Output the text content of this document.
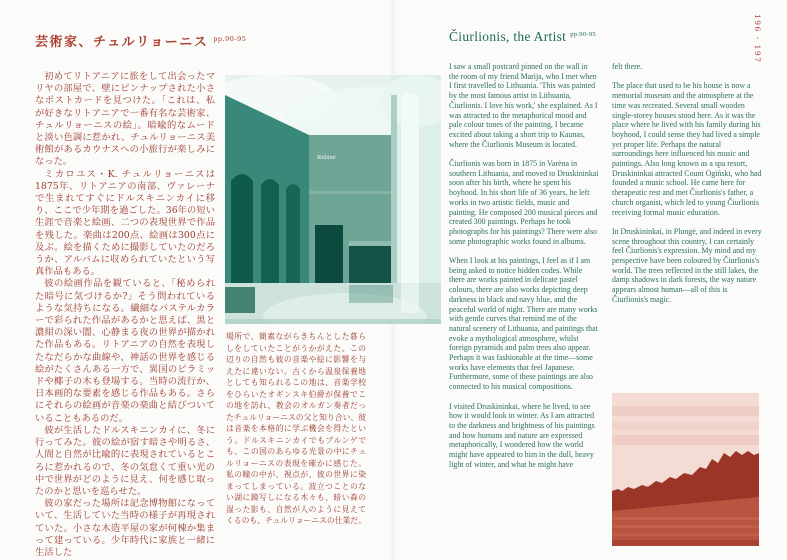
芸術家、チュルリョーニス $^{pp.90-95}$

初めてリトアニアに旅をして出会ったマリヤの部屋で、壁にピンナップされた小さなポストカードを見つけた。「これは、私が好きなリトアニアで一番有名な芸術家、チュルリョーニスの絵」。暗喩的なムードと淡い色調に惹かれ、チュルリョーニス美術館があるカウナスへの小旅行が楽しみになった。

ミカロユス・K. チュルリョーニスは1875年、リトアニアの南部、ヴァレーナで生まれてすぐにドルスキニンカイに移り、ここで少年期を過ごした。36年の短い生涯で音楽と絵画、二つの表現世界で作品を残した。楽曲は200点、絵画は300点に及ぶ。絵を描くために撮影していたのだろうか、アルバムに収められていたという写真作品もある。

彼の絵画作品を観ていると、「秘められた暗号に気づけるか?」そう問われているような気持ちになる。繊細なパステルカラーで彩られた作品があるかと思えば、黒と濃紺の深い闇、心静まる夜の世界が描かれた作品もある。リトアニアの自然を表現したなだらかな曲線や、神話の世界を感じる絵がたくさんある一方で、異国のピラミッドや椰子の木も登場する。当時の流行か、日本画的な要素を感じる作品もある。さらにそれらの絵画が音楽の楽曲と結びついていることもあるのだ。

彼が生活したドルスキニンカイに、冬に行ってみた。彼の絵が宿す暗さや明るさ、人間と自然が比喩的に表現されているところに惹かれるので、冬の気怠くて重い光の中で世界がどのように見え、何を感じ取ったのかと思いを巡らせた。

彼の家だった場所は記念博物館になっていて、生活していた当時の様子が再現されていた。小さな木造平屋の家が何棟か集まって建っている。少年時代に家族と一緒に生活した

Rūbinė

場所で、簡素ながらきちんとした暮らしをしていたことがうかがえた。この辺りの自然も彼の音楽や絵に影響を与えたに違いない。古くから温泉保養地としても知られるこの地は、音楽学校をひらいたオギンスキ伯爵が保養でこの地を訪れ、教会のオルガン奏者だったチュルリョーニスの父と知り合い、彼は音楽を本格的に学ぶ機会を得たという。ドルスキニンカイでもプルンゲでも、この国のあらゆる光景の中にチュルリョーニスの表現を確かに感じた。私の瞳の中が、視点が、彼の世界に染まってしまっている。波立つことのない湖に鏡写しになる木々も、暗い森の湿った影も、自然が人のように見えてくるのも、チュルリョーニスの仕業だ。

Čiurlionis, the Artist $^{pp.90-95}$

I saw a small postcard pinned on the wall in the room of my friend Marija, who I met when I first travelled to Lithuania. 'This was painted by the most famous artist in Lithuania, Čiurlionis. I love his work,' she explained. As I was attracted to the metaphorical mood and pale colour tones of the painting, I became excited about taking a short trip to Kaunas, where the Čiurlionis Museum is located.

Čiurlionis was born in 1875 in Varėna in southern Lithuania, and moved to Druskininkai soon after his birth, where he spent his boyhood. In his short life of 36 years, he left works in two artistic fields, music and painting. He composed 200 musical pieces and created 300 paintings. Perhaps he took photographs for his paintings? There were also some photographic works found in albums.

When I look at his paintings, I feel as if I am being asked to notice hidden codes. While there are works painted in delicate pastel colours, there are also works depicting deep darkness in black and navy blue, and the peaceful world of night. There are many works with gentle curves that remind me of the natural scenery of Lithuania, and paintings that evoke a mythological atmosphere, whilst foreign pyramids and palm trees also appear. Perhaps it was fashionable at the time—some works have elements that feel Japanese. Furthermore, some of these paintings are also connected to his musical compositions.

I visited Druskininkai, where he lived, to see how it would look in winter. As I am attracted to the darkness and brightness of his paintings and how humans and nature are expressed metaphorically, I wondered how the world might have appeared to him in the dull, heavy light of winter, and what he might have

felt there.

The place that used to be his house is now a memorial museum and the atmosphere at the time was recreated. Several small wooden single-storey houses stood here. As it was the place where he lived with his family during his boyhood, I could sense they had lived a simple yet proper life. Perhaps the natural surroundings here influenced his music and paintings. Also long known as a spa resort, Druskininkai attracted Count Ogiński, who had founded a music school. He came here for therapeutic rest and met Čiurlionis's father, a church organist, which led to young Čiurlionis receiving formal music education.

In Druskininkai, in Plungė, and indeed in every scene throughout this country, I can certainly feel Čiurlionis's expression. My mind and my perspective have been coloured by Čiurlionis's world. The trees reflected in the still lakes, the damp shadows in dark forests, the way nature appears almost human—all of this is Čiurlionis's magic.

196 - 197
